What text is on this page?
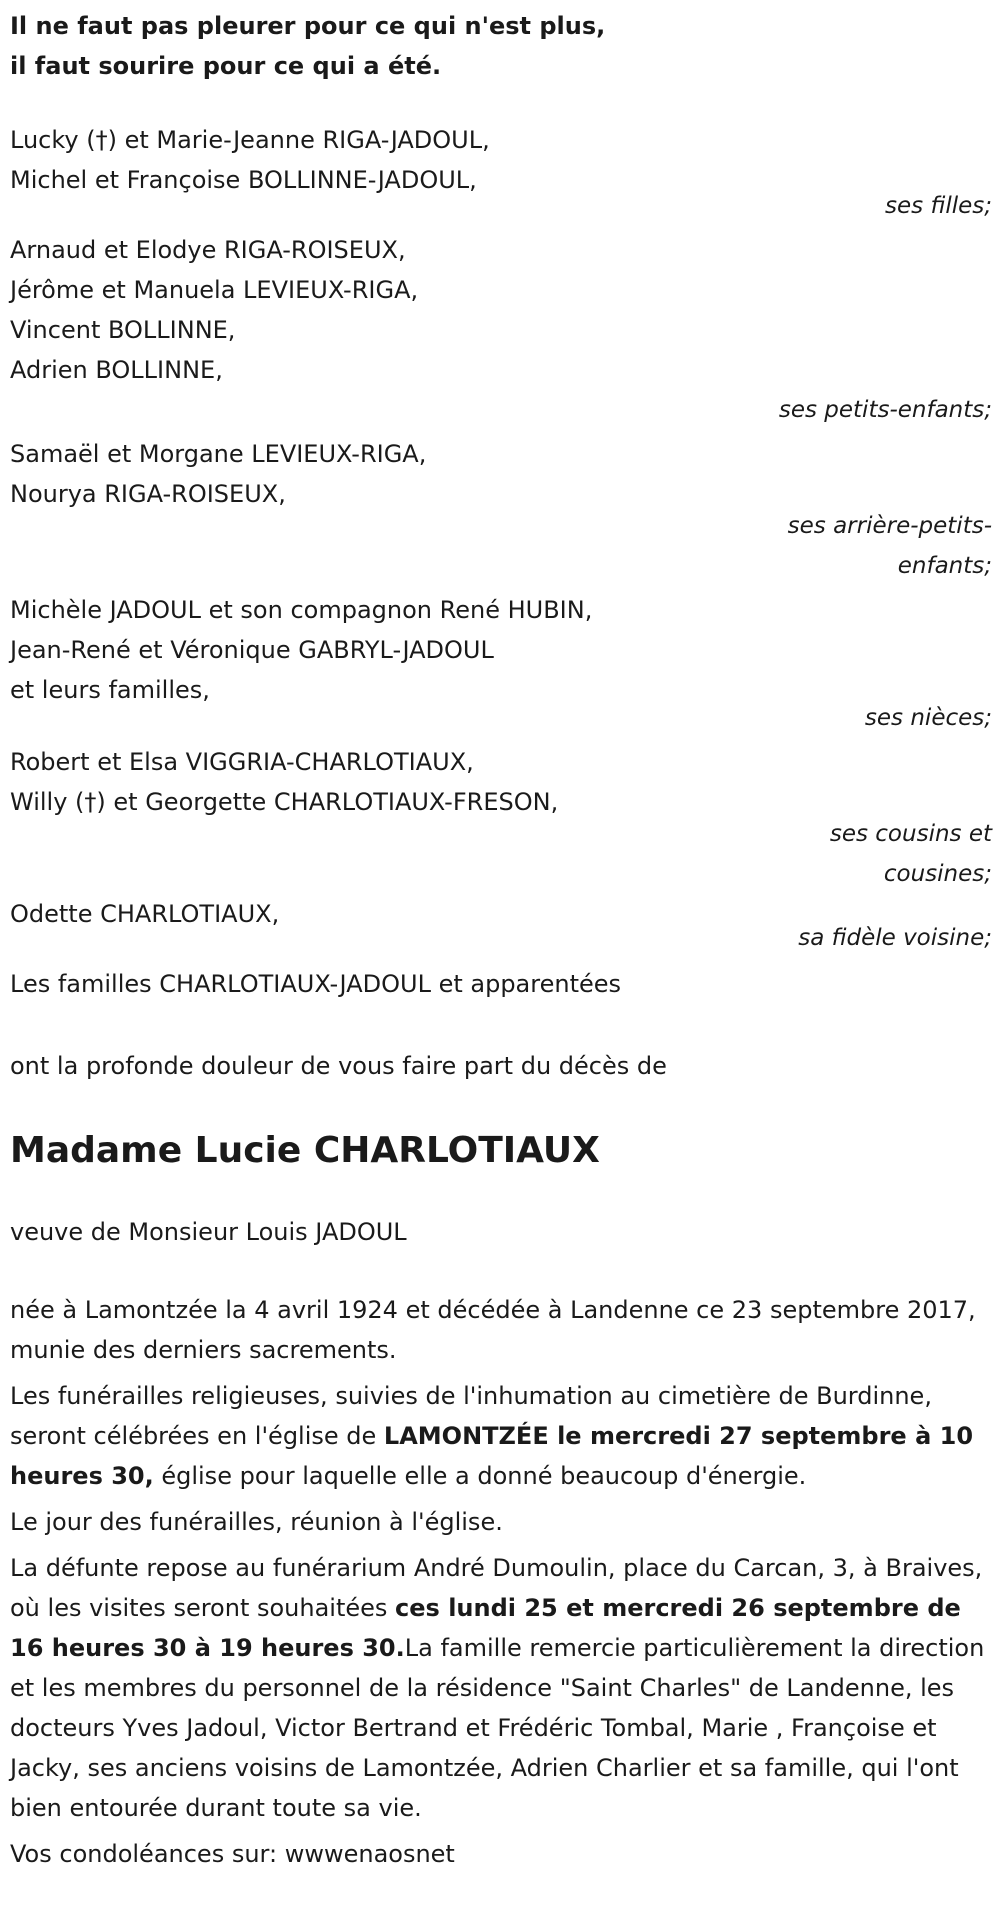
Il ne faut pas pleurer pour ce qui n'est plus,
il faut sourire pour ce qui a été.
Lucky (†) et Marie-Jeanne RIGA-JADOUL,
Michel et Françoise BOLLINNE-JADOUL,
ses filles;
Arnaud et Elodye RIGA-ROISEUX,
Jérôme et Manuela LEVIEUX-RIGA,
Vincent BOLLINNE,
Adrien BOLLINNE,
ses petits-enfants;
Samaël et Morgane LEVIEUX-RIGA,
Nourya RIGA-ROISEUX,
ses arrière-petits-enfants;
Michèle JADOUL et son compagnon René HUBIN,
Jean-René et Véronique GABRYL-JADOUL
et leurs familles,
ses nièces;
Robert et Elsa VIGGRIA-CHARLOTIAUX,
Willy (†) et Georgette CHARLOTIAUX-FRESON,
ses cousins et cousines;
Odette CHARLOTIAUX,
sa fidèle voisine;
Les familles CHARLOTIAUX-JADOUL et apparentées
ont la profonde douleur de vous faire part du décès de
Madame Lucie CHARLOTIAUX
veuve de Monsieur Louis JADOUL
née à Lamontzée la 4 avril 1924 et décédée à Landenne ce 23 septembre 2017, munie des derniers sacrements.
Les funérailles religieuses, suivies de l'inhumation au cimetière de Burdinne, seront célébrées en l'église de LAMONTZÉE le mercredi 27 septembre à 10 heures 30, église pour laquelle elle a donné beaucoup d'énergie.
Le jour des funérailles, réunion à l'église.
La défunte repose au funérarium André Dumoulin, place du Carcan, 3, à Braives, où les visites seront souhaitées ces lundi 25 et mercredi 26 septembre de 16 heures 30 à 19 heures 30.La famille remercie particulièrement la direction et les membres du personnel de la résidence "Saint Charles" de Landenne, les docteurs Yves Jadoul, Victor Bertrand et Frédéric Tombal, Marie , Françoise et Jacky, ses anciens voisins de Lamontzée, Adrien Charlier et sa famille, qui l'ont bien entourée durant toute sa vie.
Vos condoléances sur: wwwenaosnet
